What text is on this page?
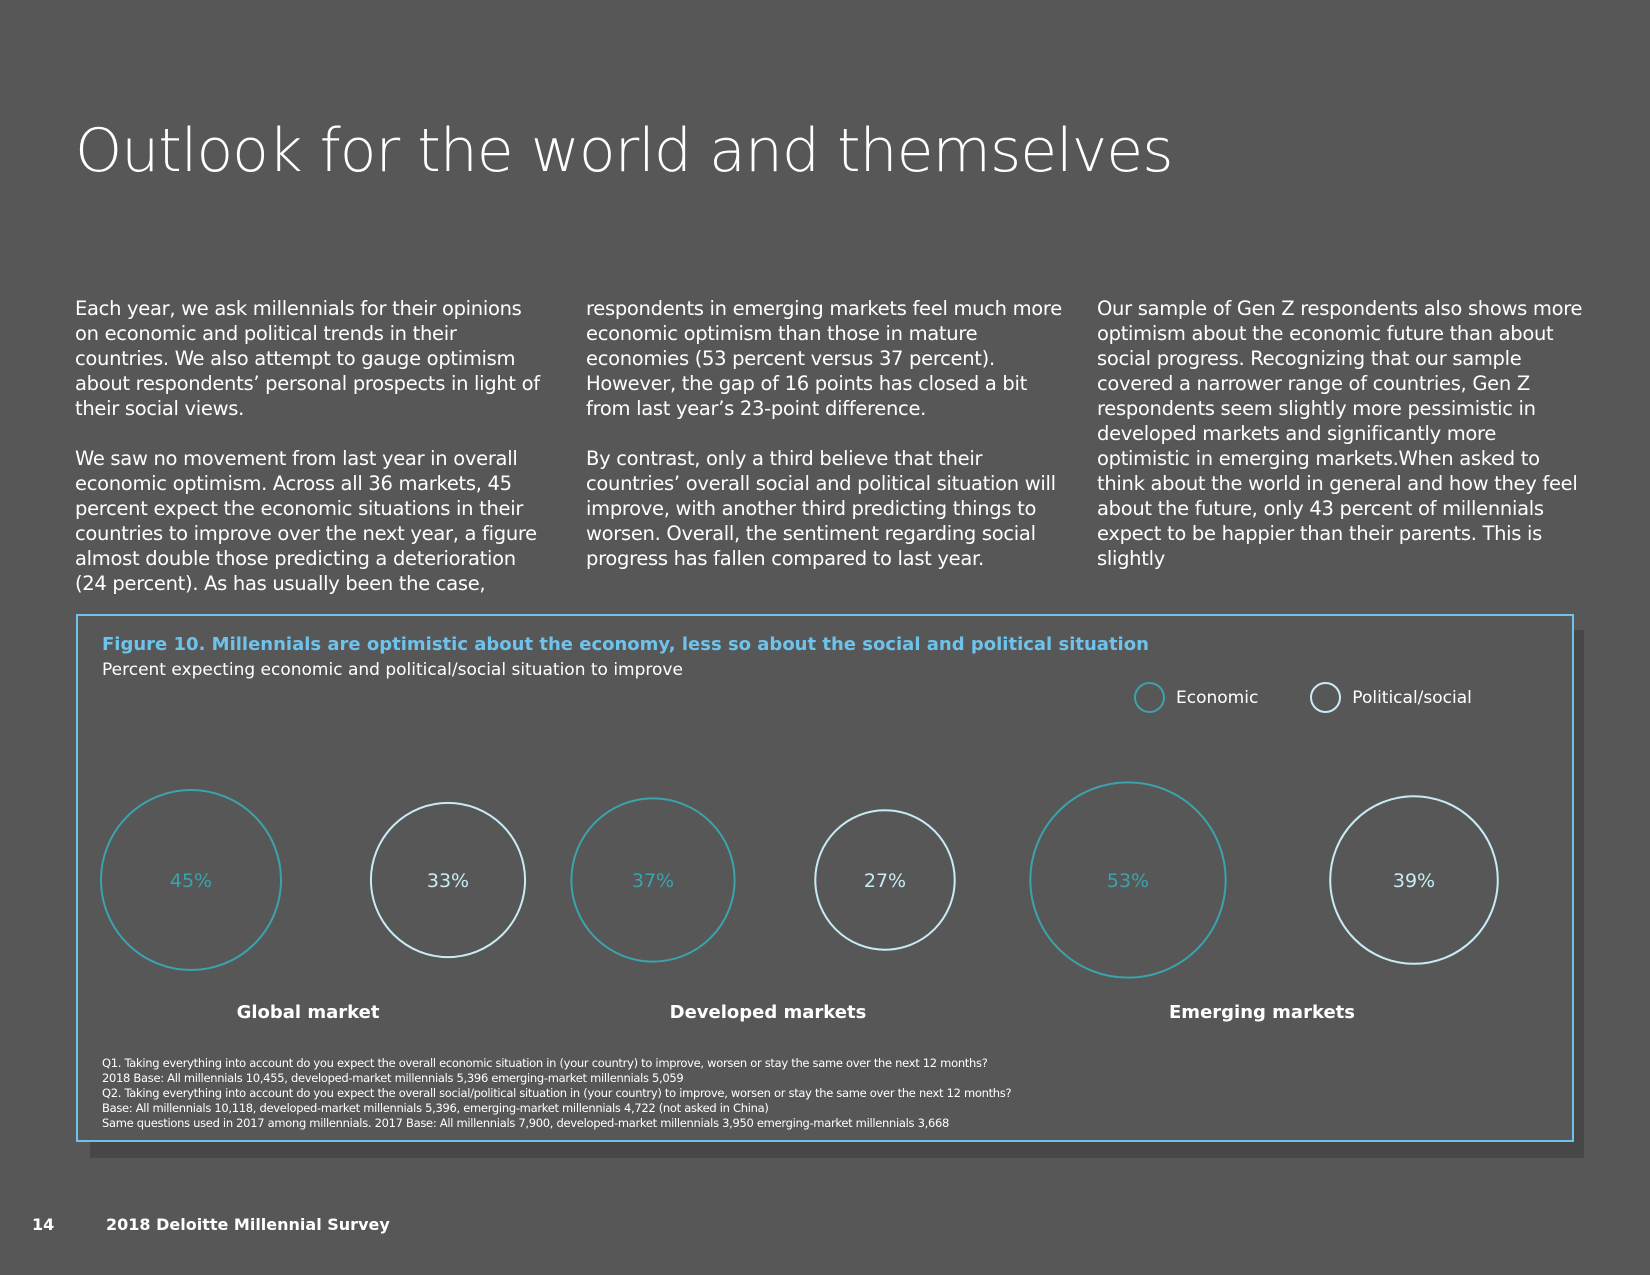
Outlook for the world and themselves

Each year, we ask millennials for their opinions on economic and political trends in their countries. We also attempt to gauge optimism about respondents’ personal prospects in light of their social views.

We saw no movement from last year in overall economic optimism. Across all 36 markets, 45 percent expect the economic situations in their countries to improve over the next year, a figure almost double those predicting a deterioration (24 percent). As has usually been the case,

respondents in emerging markets feel much more economic optimism than those in mature economies (53 percent versus 37 percent). However, the gap of 16 points has closed a bit from last year’s 23-point difference.

By contrast, only a third believe that their countries’ overall social and political situation will improve, with another third predicting things to worsen. Overall, the sentiment regarding social progress has fallen compared to last year.

Our sample of Gen Z respondents also shows more optimism about the economic future than about social progress. Recognizing that our sample covered a narrower range of countries, Gen Z respondents seem slightly more pessimistic in developed markets and significantly more optimistic in emerging markets.When asked to think about the world in general and how they feel about the future, only 43 percent of millennials expect to be happier than their parents. This is slightly

Figure 10. Millennials are optimistic about the economy, less so about the social and political situation
Percent expecting economic and political/social situation to improve
Economic	Political/social
45%	33%
Global market
37%	27%
Developed markets
53%	39%
Emerging markets
Q1. Taking everything into account do you expect the overall economic situation in (your country) to improve, worsen or stay the same over the next 12 months?
2018 Base: All millennials 10,455, developed-market millennials 5,396 emerging-market millennials 5,059
Q2. Taking everything into account do you expect the overall social/political situation in (your country) to improve, worsen or stay the same over the next 12 months?
Base: All millennials 10,118, developed-market millennials 5,396, emerging-market millennials 4,722 (not asked in China)
Same questions used in 2017 among millennials. 2017 Base: All millennials 7,900, developed-market millennials 3,950 emerging-market millennials 3,668
14	2018 Deloitte Millennial Survey
